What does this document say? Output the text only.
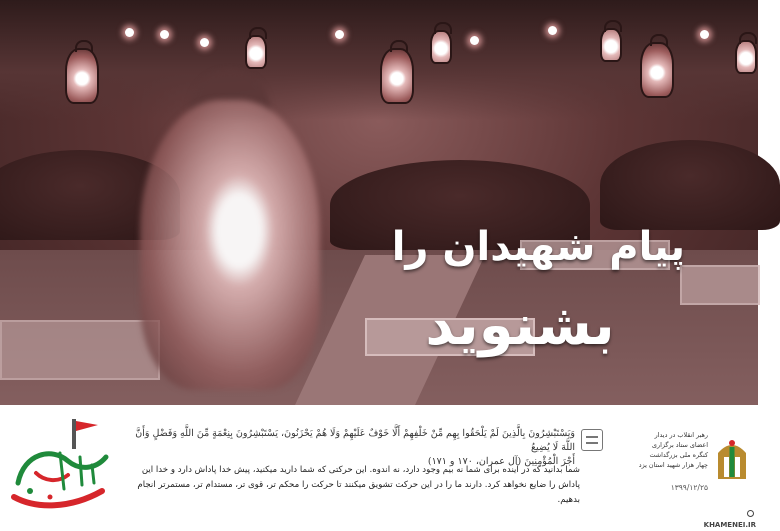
پیام شهیدان را
بشنوید

وَيَسْتَبْشِرُونَ بِالَّذِينَ لَمْ يَلْحَقُوا بِهِم مِّنْ خَلْفِهِمْ أَلَّا خَوْفٌ عَلَيْهِمْ وَلَا هُمْ يَحْزَنُونَ، يَسْتَبْشِرُونَ بِنِعْمَةٍ مِّنَ اللَّهِ وَفَضْلٍ وَأَنَّ اللَّهَ لَا يُضِيعُ

أَجْرَ الْمُؤْمِنِينَ (آل عمران، ۱۷۰ و ۱۷۱)

شما بدانید که در آینده برای شما نه بیم وجود دارد، نه اندوه. این حرکتی که شما دارید میکنید، پیش خدا پاداش دارد و خدا این

پاداش را ضایع نخواهد کرد. دارند ما را در این حرکت تشویق میکنند تا حرکت را محکم تر، قوی تر، مستدام تر، مستمرتر انجام بدهیم.

رهبر انقلاب در دیدار

اعضای ستاد برگزاری

کنگره ملی بزرگداشت

چهار هزار شهید استان یزد

۱۳۹۹/۱۲/۲۵
KHAMENEI.IR
